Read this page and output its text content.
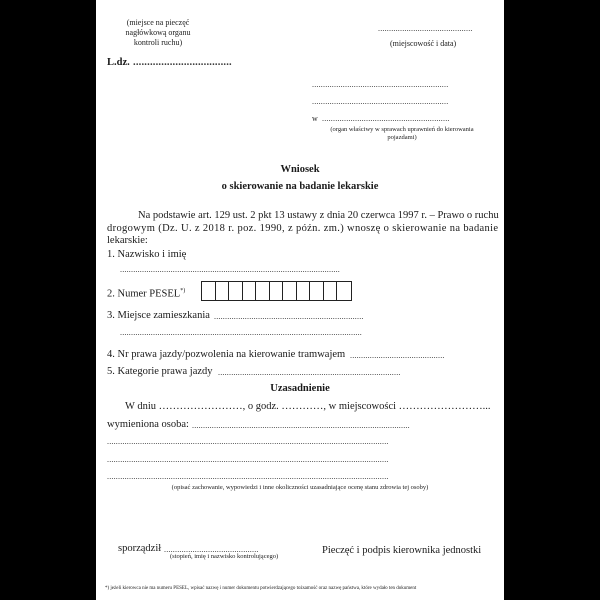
(miejsce na pieczęć
nagłówkową organu
kontroli ruchu)
...........................................
(miejscowość i data)
L.dz. ...................................
..............................................................
..............................................................
w ..........................................................
(organ właściwy w sprawach uprawnień do kierowania
pojazdami)
Wniosek
o skierowanie na badanie lekarskie
Na podstawie art. 129 ust. 2 pkt 13 ustawy z dnia 20 czerwca 1997 r. – Prawo o ruchu
drogowym (Dz. U. z 2018 r. poz. 1990, z późn. zm.) wnoszę o skierowanie na badanie
lekarskie:
1. Nazwisko i imię
....................................................................................................
2. Numer PESEL*)
3. Miejsce zamieszkania ....................................................................
..............................................................................................................
4. Nr prawa jazdy/pozwolenia na kierowanie tramwajem ...........................................
5. Kategorie prawa jazdy ...................................................................................
Uzasadnienie
W dniu ……………………, o godz. …………, w miejscowości ……………………...
wymieniona osoba: ...................................................................................................
................................................................................................................................
................................................................................................................................
................................................................................................................................
(opisać zachowanie, wypowiedzi i inne okoliczności uzasadniające ocenę stanu zdrowia tej osoby)
sporządził ...........................................
(stopień, imię i nazwisko kontrolującego)
Pieczęć i podpis kierownika jednostki
*) jeżeli kierowca nie ma numeru PESEL, wpisać nazwę i numer dokumentu potwierdzającego tożsamość oraz nazwę państwa, które wydało ten dokument
